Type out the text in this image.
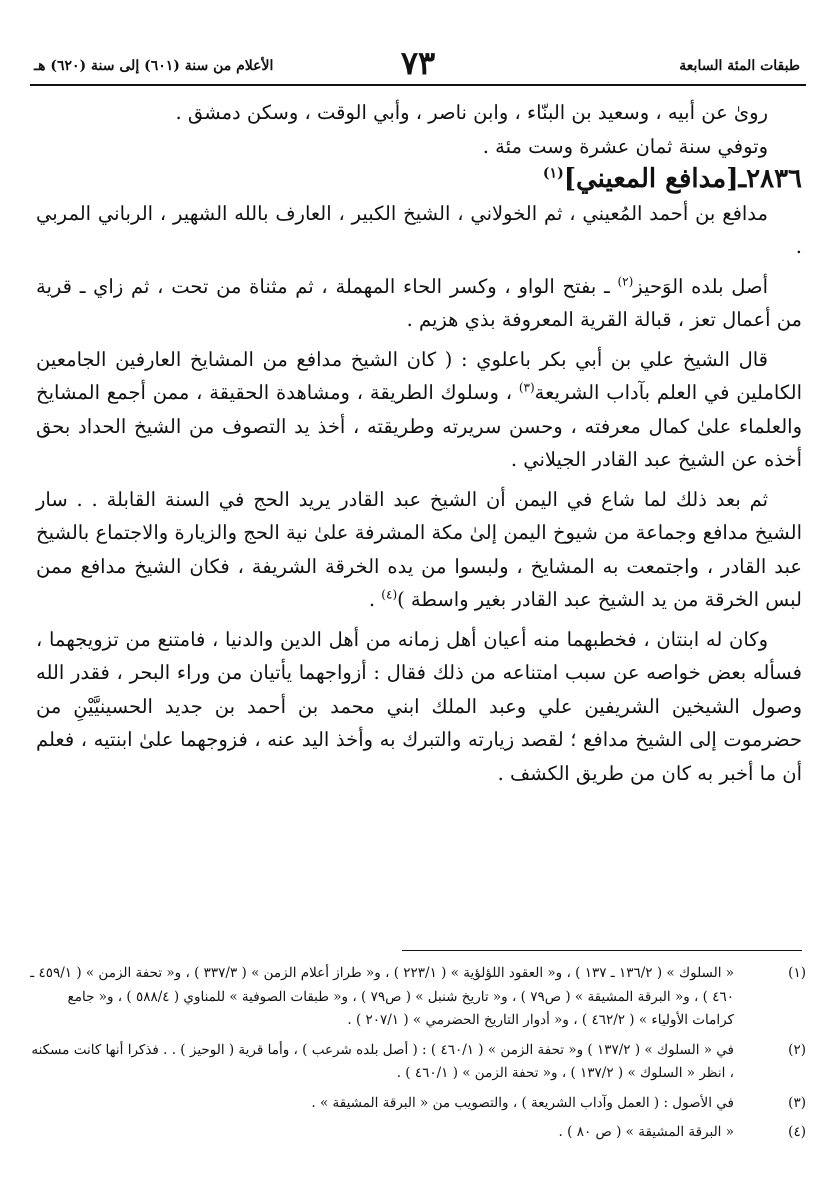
طبقات المئة السابعة
٧٣
الأعلام من سنة (٦٠١) إلى سنة (٦٢٠) هـ

رویٰ عن أبيه ، وسعيد بن البنّاء ، وابن ناصر ، وأبي الوقت ، وسكن دمشق .

وتوفي سنة ثمان عشرة وست مئة .

٢٨٣٦ـ[مدافع المعيني]$^{(١)}$

مدافع بن أحمد المُعيني ، ثم الخولاني ، الشيخ الكبير ، العارف بالله الشهير ، الرباني المربي .

أصل بلده الوَحيز$^{(٢)}$ ـ بفتح الواو ، وكسر الحاء المهملة ، ثم مثناة من تحت ، ثم زاي ـ قرية من أعمال تعز ، قبالة القرية المعروفة بذي هزيم .

قال الشيخ علي بن أبي بكر باعلوي : ( كان الشيخ مدافع من المشايخ العارفين الجامعين الكاملين في العلم بآداب الشريعة$^{(٣)}$ ، وسلوك الطريقة ، ومشاهدة الحقيقة ، ممن أجمع المشايخ والعلماء علىٰ كمال معرفته ، وحسن سريرته وطريقته ، أخذ يد التصوف من الشيخ الحداد بحق أخذه عن الشيخ عبد القادر الجيلاني .

ثم بعد ذلك لما شاع في اليمن أن الشيخ عبد القادر يريد الحج في السنة القابلة . . سار الشيخ مدافع وجماعة من شيوخ اليمن إلىٰ مكة المشرفة علىٰ نية الحج والزيارة والاجتماع بالشيخ عبد القادر ، واجتمعت به المشايخ ، ولبسوا من يده الخرقة الشريفة ، فكان الشيخ مدافع ممن لبس الخرقة من يد الشيخ عبد القادر بغير واسطة )$^{(٤)}$ .

وكان له ابنتان ، فخطبهما منه أعيان أهل زمانه من أهل الدين والدنيا ، فامتنع من تزويجهما ، فسأله بعض خواصه عن سبب امتناعه من ذلك فقال : أزواجهما يأتيان من وراء البحر ، فقدر الله وصول الشيخين الشريفين علي وعبد الملك ابني محمد بن أحمد بن جديد الحسينيَّيْنِ من حضرموت إلى الشيخ مدافع ؛ لقصد زيارته والتبرك به وأخذ اليد عنه ، فزوجهما علىٰ ابنتيه ، فعلم أن ما أخبر به كان من طريق الكشف .

(١)
« السلوك » ( ١٣٦/٢ ـ ١٣٧ ) ، و« العقود اللؤلؤية » ( ٢٢٣/١ ) ، و« طراز أعلام الزمن » ( ٣٣٧/٣ ) ، و« تحفة الزمن » ( ٤٥٩/١ ـ ٤٦٠ ) ، و« البرقة المشيقة » ( ص٧٩ ) ، و« تاريخ شنبل » ( ص٧٩ ) ، و« طبقات الصوفية » للمناوي ( ٥٨٨/٤ ) ، و« جامع كرامات الأولياء » ( ٤٦٢/٢ ) ، و« أدوار التاريخ الحضرمي » ( ٢٠٧/١ ) .
(٢)
في « السلوك » ( ١٣٧/٢ ) و« تحفة الزمن » ( ٤٦٠/١ ) : ( أصل بلده شرعب ) ، وأما قرية ( الوحيز ) . . فذكرا أنها كانت مسكنه ، انظر « السلوك » ( ١٣٧/٢ ) ، و« تحفة الزمن » ( ٤٦٠/١ ) .
(٣)
في الأصول : ( العمل وآداب الشريعة ) ، والتصويب من « البرقة المشيقة » .
(٤)
« البرقة المشيقة » ( ص ٨٠ ) .
